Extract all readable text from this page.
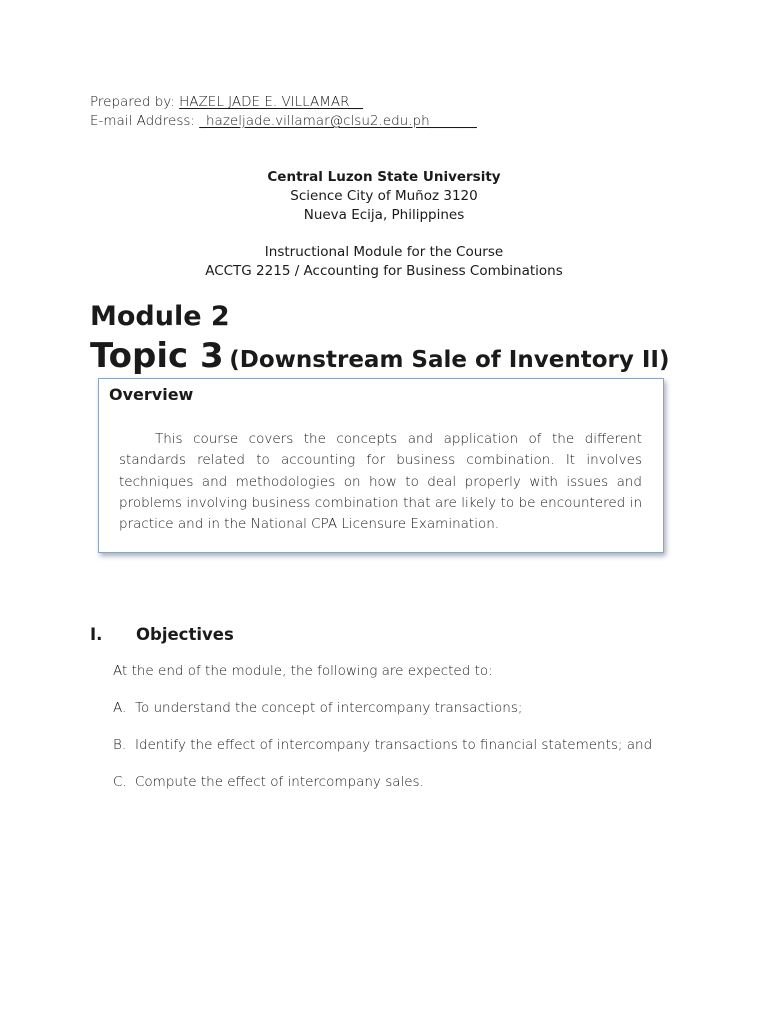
Prepared by: HAZEL JADE E. VILLAMAR__
E-mail Address: _hazeljade.villamar@clsu2.edu.ph_______
Central Luzon State University
Science City of Muñoz 3120
Nueva Ecija, Philippines
Instructional Module for the Course
ACCTG 2215 / Accounting for Business Combinations
Module 2
Topic 3 (Downstream Sale of Inventory II)
Overview
This course covers the concepts and application of the different standards related to accounting for business combination. It involves techniques and methodologies on how to deal properly with issues and problems involving business combination that are likely to be encountered in practice and in the National CPA Licensure Examination.
I. Objectives
At the end of the module, the following are expected to:
A. To understand the concept of intercompany transactions;
B. Identify the effect of intercompany transactions to financial statements; and
C. Compute the effect of intercompany sales.
